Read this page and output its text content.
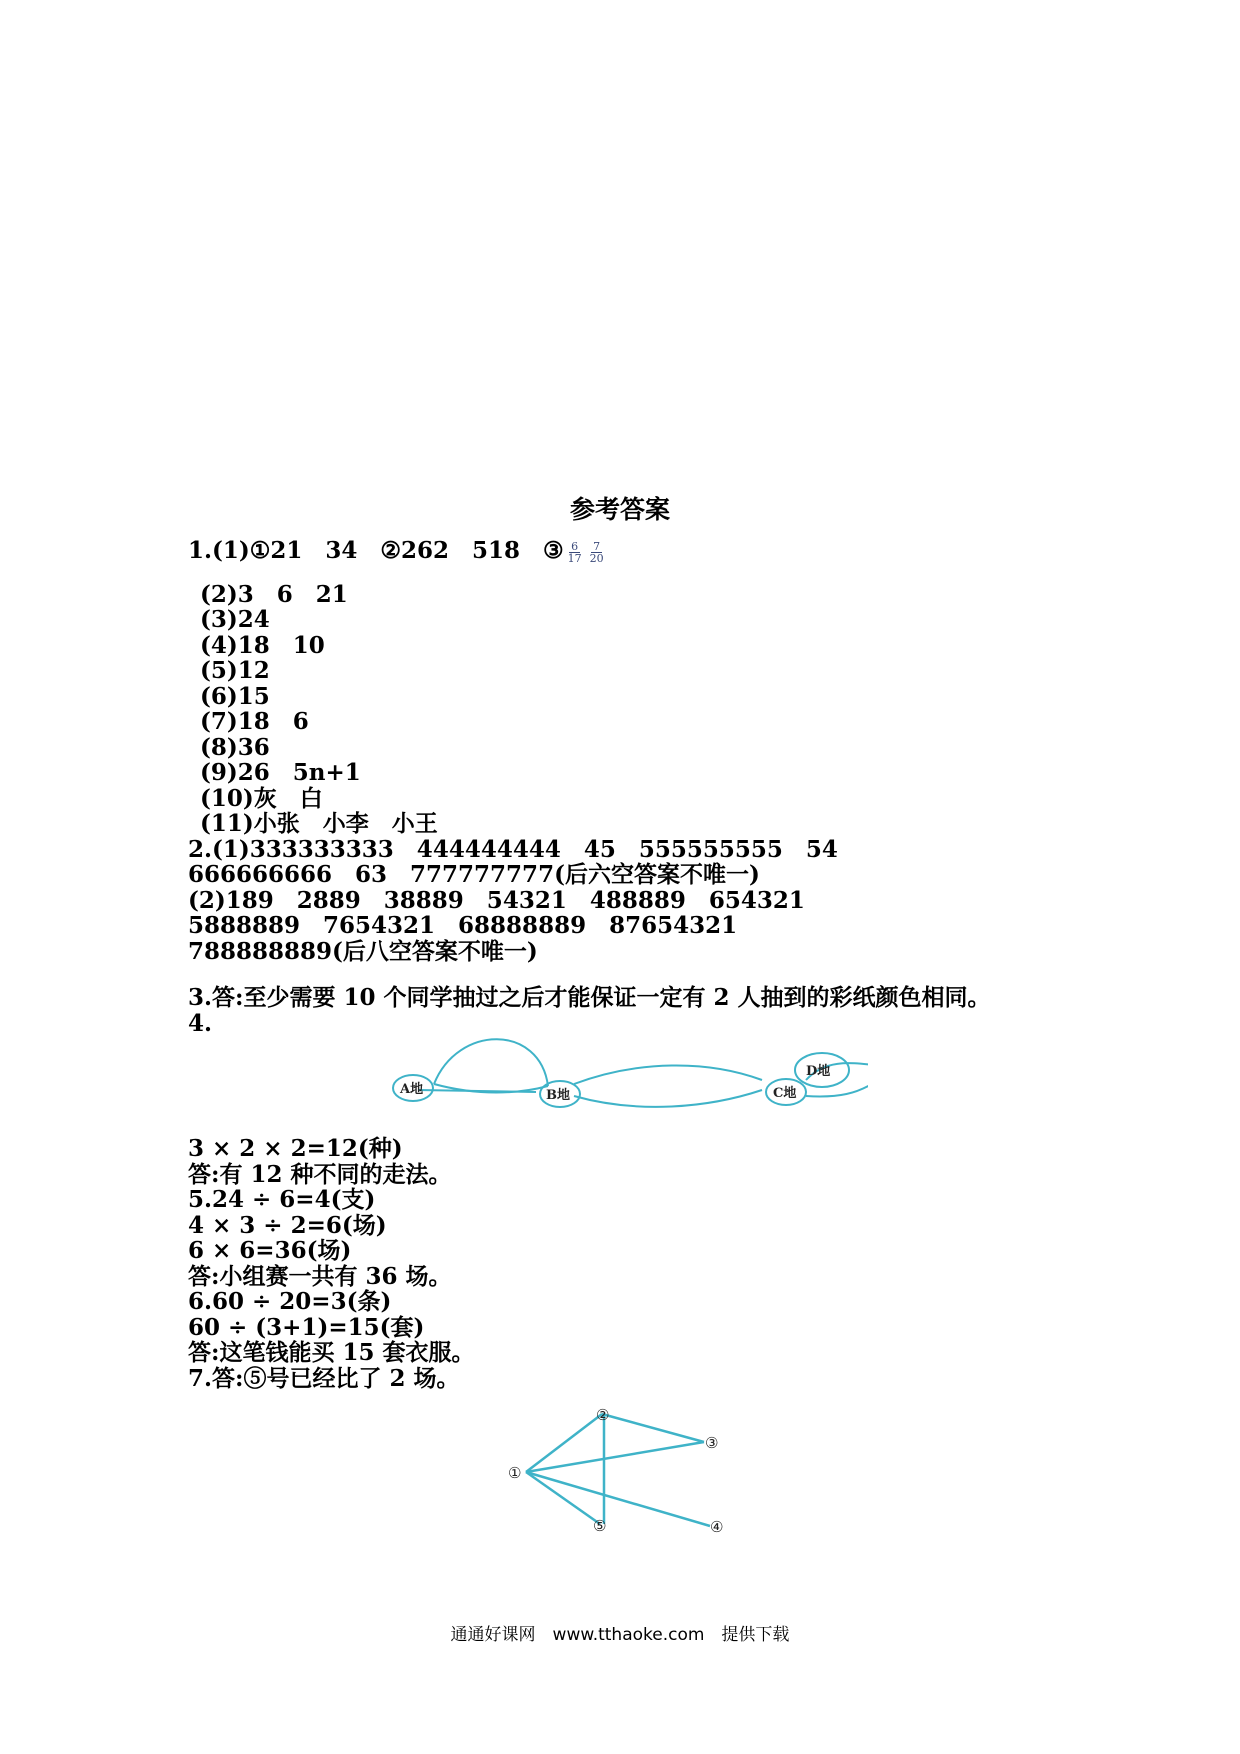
参考答案
1.(1)①21　34　②262　518　③ $\frac{6}{17} \frac{7}{20}$
(2)3　6　21
(3)24
(4)18　10
(5)12
(6)15
(7)18　6
(8)36
(9)26　5n+1
(10)灰　白
(11)小张　小李　小王
2.(1)333333333　444444444　45　555555555　54
666666666　63　777777777(后六空答案不唯一)
(2)189　2889　38889　54321　488889　654321
5888889　7654321　68888889　87654321
788888889(后八空答案不唯一)
3.答:至少需要 10 个同学抽过之后才能保证一定有 2 人抽到的彩纸颜色相同。
4.
A地	B地	C地
3 × 2 × 2=12(种)
答:有 12 种不同的走法。
5.24 ÷ 6=4(支)
4 × 3 ÷ 2=6(场)
6 × 6=36(场)
答:小组赛一共有 36 场。
6.60 ÷ 20=3(条)
60 ÷ (3+1)=15(套)
答:这笔钱能买 15 套衣服。
7.答:⑤号已经比了 2 场。
D地
①
②
③
④
⑤
通通好课网　www.tthaoke.com　提供下载
